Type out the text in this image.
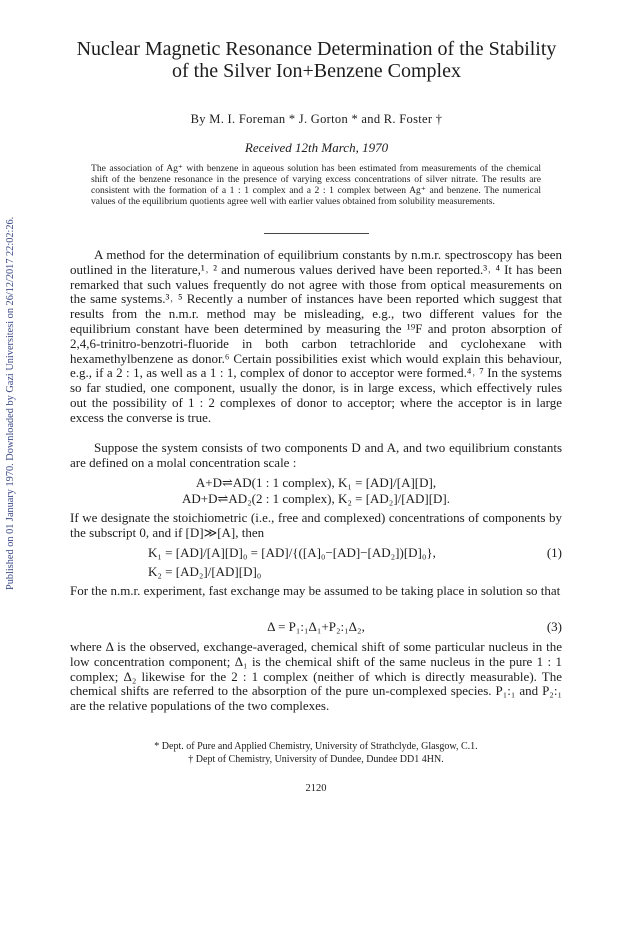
Published on 01 January 1970. Downloaded by Gazi Universitesi on 26/12/2017 22:02:26.
Nuclear Magnetic Resonance Determination of the Stability
of the Silver Ion+Benzene Complex
By M. I. Foreman * J. Gorton * and R. Foster †
Received 12th March, 1970

The association of Ag⁺ with benzene in aqueous solution has been estimated from measurements of the chemical shift of the benzene resonance in the presence of varying excess concentrations of silver nitrate. The results are consistent with the formation of a 1 : 1 complex and a 2 : 1 complex between Ag⁺ and benzene. The numerical values of the equilibrium quotients agree well with earlier values obtained from solubility measurements.

A method for the determination of equilibrium constants by n.m.r. spectroscopy has been outlined in the literature,¹˒ ² and numerous values derived have been reported.³˒ ⁴ It has been remarked that such values frequently do not agree with those from optical measurements on the same systems.³˒ ⁵ Recently a number of instances have been reported which suggest that results from the n.m.r. method may be misleading, e.g., two different values for the equilibrium constant have been determined by measuring the ¹⁹F and proton absorption of 2,4,6-trinitro-benzotri-fluoride in both carbon tetrachloride and cyclohexane with hexamethylbenzene as donor.⁶ Certain possibilities exist which would explain this behaviour, e.g., if a 2 : 1, as well as a 1 : 1, complex of donor to acceptor were formed.⁴˒ ⁷ In the systems so far studied, one component, usually the donor, is in large excess, which effectively rules out the possibility of 1 : 2 complexes of donor to acceptor; where the acceptor is in large excess the converse is true.

Suppose the system consists of two components D and A, and two equilibrium constants are defined on a molal concentration scale :

A+D⇌AD(1 : 1 complex), K₁ = [AD]/[A][D],
AD+D⇌AD₂(2 : 1 complex), K₂ = [AD₂]/[AD][D].

If we designate the stoichiometric (i.e., free and complexed) concentrations of components by the subscript 0, and if [D]≫[A], then

K₁ = [AD]/[A][D]₀ = [AD]/{([A]₀−[AD]−[AD₂])[D]₀},	(1)
K₂ = [AD₂]/[AD][D]₀

For the n.m.r. experiment, fast exchange may be assumed to be taking place in solution so that

Δ = P₁:₁Δ₁+P₂:₁Δ₂,	(3)

where Δ is the observed, exchange-averaged, chemical shift of some particular nucleus in the low concentration component; Δ₁ is the chemical shift of the same nucleus in the pure 1 : 1 complex; Δ₂ likewise for the 2 : 1 complex (neither of which is directly measurable). The chemical shifts are referred to the absorption of the pure un-complexed species. P₁:₁ and P₂:₁ are the relative populations of the two complexes.

* Dept. of Pure and Applied Chemistry, University of Strathclyde, Glasgow, C.1.

† Dept of Chemistry, University of Dundee, Dundee DD1 4HN.

2120
